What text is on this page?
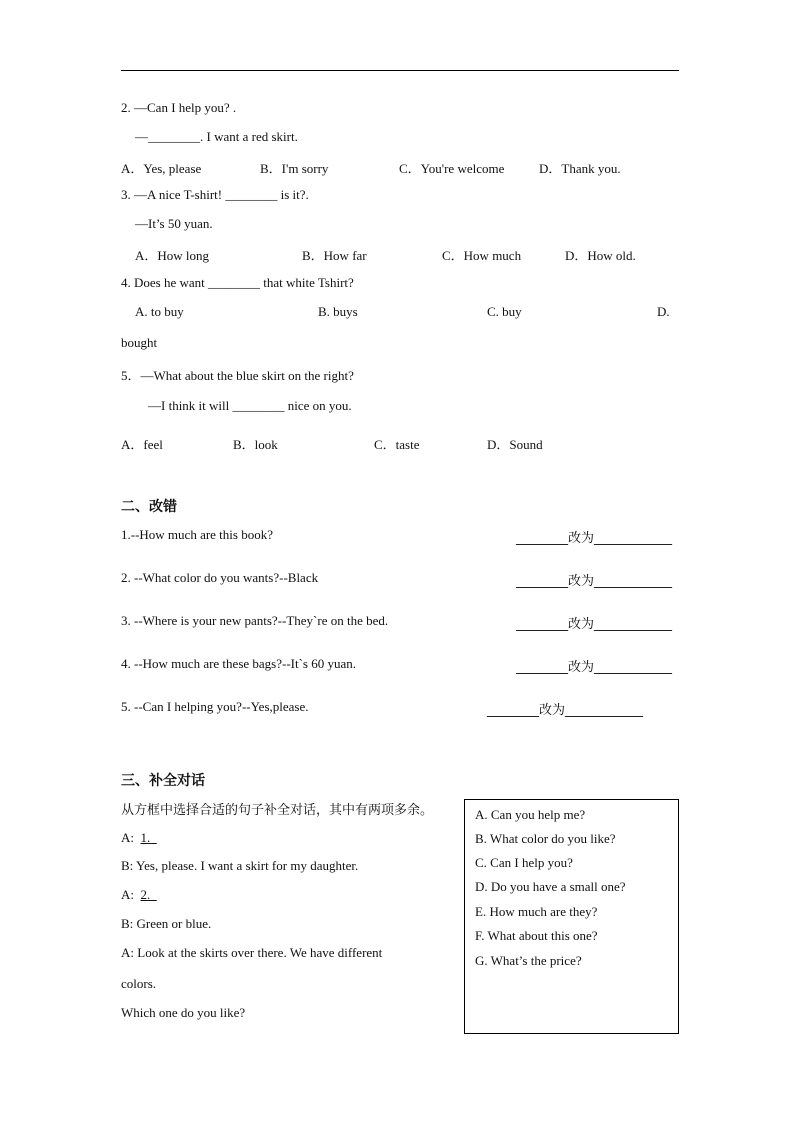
2. —Can I help you? .
—________. I want a red skirt.
A．Yes, please	B．I'm sorry	C．You're welcome	D．Thank you.
3. —A nice T-shirt! ________ is it?.
—It’s 50 yuan.
A．How long	B．How far	C．How much	D．How old.
4. Does he want ________ that white Tshirt?
A. to buy	B. buys	C. buy	D.
bought
5．—What about the blue skirt on the right?
—I think it will ________ nice on you.
A．feel	B．look	C．taste	D．Sound
二、改错
1.--How much are this book?	________改为____________
2. --What color do you wants?--Black	________改为____________
3. --Where is your new pants?--They`re on the bed.	________改为____________
4. --How much are these bags?--It`s 60 yuan.	________改为____________
5. --Can I helping you?--Yes,please.	________改为____________
三、补全对话
从方框中选择合适的句子补全对话，其中有两项多余。
A: 1.
B: Yes, please. I want a skirt for my daughter.
A: 2.
B: Green or blue.
A: Look at the skirts over there. We have different
colors.
Which one do you like?
A. Can you help me?
B. What color do you like?
C. Can I help you?
D. Do you have a small one?
E. How much are they?
F. What about this one?
G. What’s the price?
